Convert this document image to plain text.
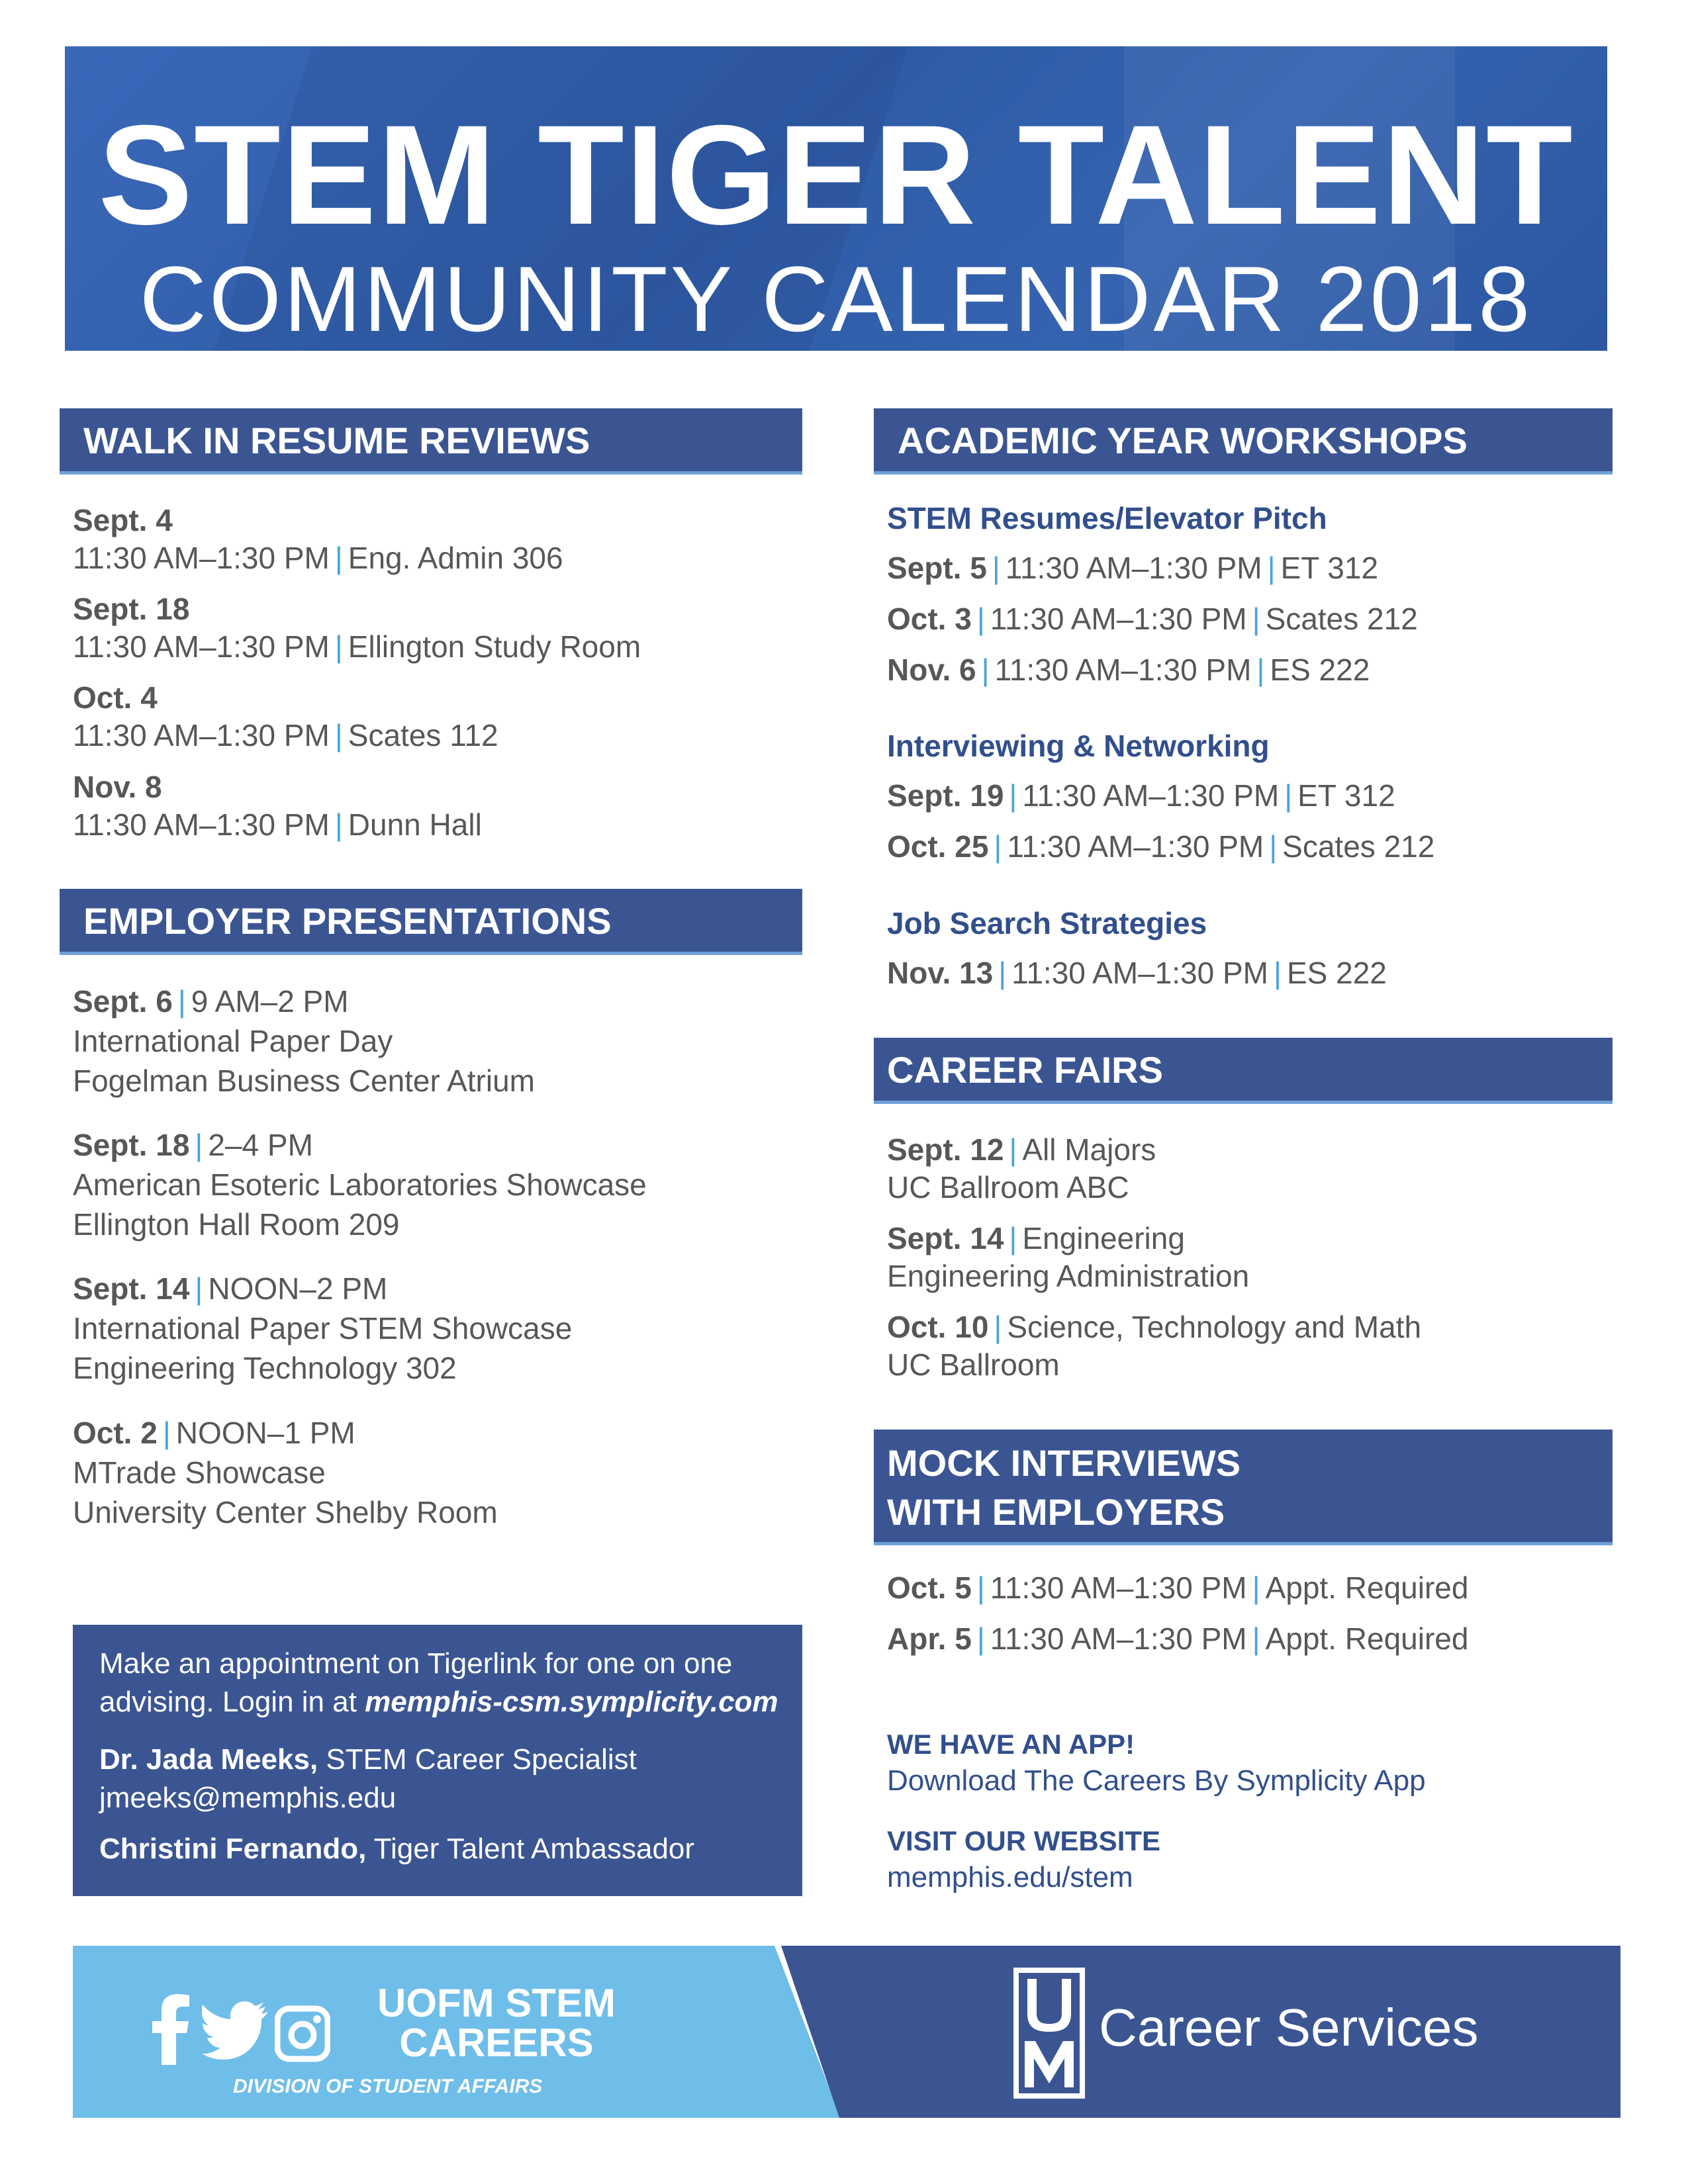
STEM TIGER TALENT
COMMUNITY CALENDAR 2018
WALK IN RESUME REVIEWS
Sept. 4
11:30 AM–1:30 PM | Eng. Admin 306
Sept. 18
11:30 AM–1:30 PM | Ellington Study Room
Oct. 4
11:30 AM–1:30 PM | Scates 112
Nov. 8
11:30 AM–1:30 PM | Dunn Hall
EMPLOYER PRESENTATIONS
Sept. 6 | 9 AM–2 PM
International Paper Day
Fogelman Business Center Atrium
Sept. 18 | 2–4 PM
American Esoteric Laboratories Showcase
Ellington Hall Room 209
Sept. 14 | NOON–2 PM
International Paper STEM Showcase
Engineering Technology 302
Oct. 2 | NOON–1 PM
MTrade Showcase
University Center Shelby Room
Make an appointment on Tigerlink for one on one
advising. Login in at memphis-csm.symplicity.com
Dr. Jada Meeks, STEM Career Specialist
jmeeks@memphis.edu
Christini Fernando, Tiger Talent Ambassador
ACADEMIC YEAR WORKSHOPS
STEM Resumes/Elevator Pitch
Sept. 5 | 11:30 AM–1:30 PM | ET 312
Oct. 3 | 11:30 AM–1:30 PM | Scates 212
Nov. 6 | 11:30 AM–1:30 PM | ES 222
Interviewing & Networking
Sept. 19 | 11:30 AM–1:30 PM | ET 312
Oct. 25 | 11:30 AM–1:30 PM | Scates 212
Job Search Strategies
Nov. 13 | 11:30 AM–1:30 PM | ES 222
CAREER FAIRS
Sept. 12 | All Majors
UC Ballroom ABC
Sept. 14 | Engineering
Engineering Administration
Oct. 10 | Science, Technology and Math
UC Ballroom
MOCK INTERVIEWS
WITH EMPLOYERS
Oct. 5 | 11:30 AM–1:30 PM | Appt. Required
Apr. 5 | 11:30 AM–1:30 PM | Appt. Required
WE HAVE AN APP!
Download The Careers By Symplicity App
VISIT OUR WEBSITE
memphis.edu/stem
UOFM STEM
CAREERS
DIVISION OF STUDENT AFFAIRS
Career Services
